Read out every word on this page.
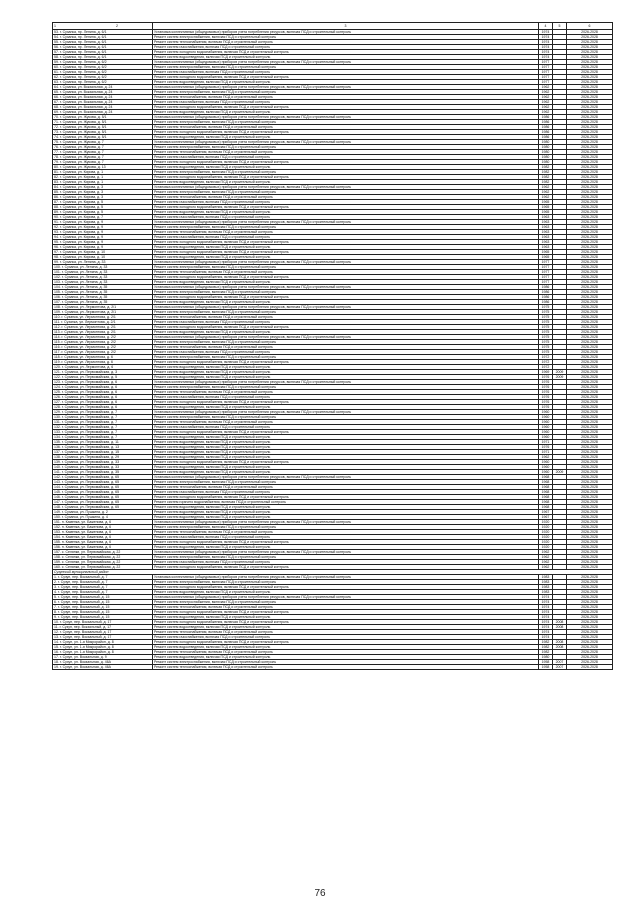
1 2	3	4	5	6
53. г. Сузанка, пр. Ленина, д. 6/1	Установка коллективных (общедомовых) приборов учета потребления ресурсов, включая ПСД и строительный контроль	1974		2026-2028
54. г. Сузанка, пр. Ленина, д. 6/1	Ремонт систем электроснабжения, включая ПСД и строительный контроль	1974		2026-2028
55. г. Сузанка, пр. Ленина, д. 6/1	Ремонт систем теплоснабжения, включая ПСД и строительный контроль	1974		2026-2028
56. г. Сузанка, пр. Ленина, д. 6/1	Ремонт систем газоснабжения, включая ПСД и строительный контроль	1974		2026-2028
57. г. Сузанка, пр. Ленина, д. 6/1	Ремонт систем холодного водоснабжения, включая ПСД и строительный контроль	1974		2026-2028
58. г. Сузанка, пр. Ленина, д. 6/1	Ремонт систем водоотведения, включая ПСД и строительный контроль	1974		2026-2028
59. г. Сузанка, пр. Ленина, д. 6/2	Установка коллективных (общедомовых) приборов учета потребления ресурсов, включая ПСД и строительный контроль	1977		2026-2028
60. г. Сузанка, пр. Ленина, д. 6/2	Ремонт систем электроснабжения, включая ПСД и строительный контроль	1977		2026-2028
61. г. Сузанка, пр. Ленина, д. 6/2	Ремонт систем газоснабжения, включая ПСД и строительный контроль	1977		2026-2028
62. г. Сузанка, пр. Ленина, д. 6/2	Ремонт систем холодного водоснабжения, включая ПСД и строительный контроль	1977		2026-2028
63. г. Сузанка, пр. Ленина, д. 6/2	Ремонт систем водоотведения, включая ПСД и строительный контроль	1977		2026-2028
64. г. Сузанка, ул. Вокзальная, д. 24	Установка коллективных (общедомовых) приборов учета потребления ресурсов, включая ПСД и строительный контроль	1962		2026-2028
65. г. Сузанка, ул. Вокзальная, д. 24	Ремонт систем электроснабжения, включая ПСД и строительный контроль	1962		2026-2028
66. г. Сузанка, ул. Вокзальная, д. 24	Ремонт систем теплоснабжения, включая ПСД и строительный контроль	1962		2026-2028
67. г. Сузанка, ул. Вокзальная, д. 24	Ремонт систем газоснабжения, включая ПСД и строительный контроль	1962		2026-2028
68. г. Сузанка, ул. Вокзальная, д. 24	Ремонт систем холодного водоснабжения, включая ПСД и строительный контроль	1962		2026-2028
69. г. Сузанка, ул. Вокзальная, д. 24	Ремонт систем водоотведения, включая ПСД и строительный контроль	1962		2026-2028
70. г. Сузанка, ул. Жукова, д. 5/1	Установка коллективных (общедомовых) приборов учета потребления ресурсов, включая ПСД и строительный контроль	1986		2026-2028
71. г. Сузанка, ул. Жукова, д. 5/1	Ремонт систем электроснабжения, включая ПСД и строительный контроль	1986		2026-2028
72. г. Сузанка, ул. Жукова, д. 5/1	Ремонт систем теплоснабжения, включая ПСД и строительный контроль	1986		2026-2028
73. г. Сузанка, ул. Жукова, д. 5/1	Ремонт систем холодного водоснабжения, включая ПСД и строительный контроль	1986		2026-2028
74. г. Сузанка, ул. Жукова, д. 5/1	Ремонт систем водоотведения, включая ПСД и строительный контроль	1986		2026-2028
75. г. Сузанка, ул. Жукова, д. 7	Установка коллективных (общедомовых) приборов учета потребления ресурсов, включая ПСД и строительный контроль	1980		2026-2028
76. г. Сузанка, ул. Жукова, д. 7	Ремонт систем электроснабжения, включая ПСД и строительный контроль	1980		2026-2028
77. г. Сузанка, ул. Жукова, д. 7	Ремонт систем теплоснабжения, включая ПСД и строительный контроль	1980		2026-2028
78. г. Сузанка, ул. Жукова, д. 7	Ремонт систем газоснабжения, включая ПСД и строительный контроль	1980		2026-2028
79. г. Сузанка, ул. Жукова, д. 7	Ремонт систем холодного водоснабжения, включая ПСД и строительный контроль	1980		2026-2028
80. г. Сузанка, ул. Жукова, д. 13	Ремонт систем водоотведения, включая ПСД и строительный контроль	1982		2026-2028
81. г. Сузанка, ул. Кирова, д. 1	Ремонт систем электроснабжения, включая ПСД и строительный контроль	1982		2026-2028
82. г. Сузанка, ул. Кирова, д. 1	Ремонт систем холодного водоснабжения, включая ПСД и строительный контроль	1982		2026-2028
83. г. Сузанка, ул. Кирова, д. 1	Ремонт систем водоотведения, включая ПСД и строительный контроль	1982		2026-2028
84. г. Сузанка, ул. Кирова, д. 3	Установка коллективных (общедомовых) приборов учета потребления ресурсов, включая ПСД и строительный контроль	1962		2026-2028
85. г. Сузанка, ул. Кирова, д. 3	Ремонт систем электроснабжения, включая ПСД и строительный контроль	1962		2026-2028
86. г. Сузанка, ул. Кирова, д. 3	Ремонт систем теплоснабжения, включая ПСД и строительный контроль	1962		2026-2028
87. г. Сузанка, ул. Кирова, д. 5	Ремонт систем газоснабжения, включая ПСД и строительный контроль	1965		2026-2028
88. г. Сузанка, ул. Кирова, д. 5	Ремонт систем холодного водоснабжения, включая ПСД и строительный контроль	1965		2026-2028
89. г. Сузанка, ул. Кирова, д. 5	Ремонт систем водоотведения, включая ПСД и строительный контроль	1965		2026-2028
90. г. Сузанка, ул. Кирова, д. 7	Ремонт систем газоснабжения, включая ПСД и строительный контроль	1963		2026-2028
91. г. Сузанка, ул. Кирова, д. 9	Установка коллективных (общедомовых) приборов учета потребления ресурсов, включая ПСД и строительный контроль	1963		2026-2028
92. г. Сузанка, ул. Кирова, д. 9	Ремонт систем электроснабжения, включая ПСД и строительный контроль	1963		2026-2028
93. г. Сузанка, ул. Кирова, д. 9	Ремонт систем теплоснабжения, включая ПСД и строительный контроль	1963		2026-2028
94. г. Сузанка, ул. Кирова, д. 9	Ремонт систем газоснабжения, включая ПСД и строительный контроль	1963		2026-2028
95. г. Сузанка, ул. Кирова, д. 9	Ремонт систем холодного водоснабжения, включая ПСД и строительный контроль	1963		2026-2028
96. г. Сузанка, ул. Кирова, д. 9	Ремонт систем водоотведения, включая ПСД и строительный контроль	1963		2026-2028
97. г. Сузанка, ул. Кирова, д. 10	Ремонт систем холодного водоснабжения, включая ПСД и строительный контроль	1965		2026-2028
98. г. Сузанка, ул. Кирова, д. 10	Ремонт систем водоотведения, включая ПСД и строительный контроль	1965		2026-2028
99. г. Сузанка, ул. Ленина, д. 33	Установка коллективных (общедомовых) приборов учета потребления ресурсов, включая ПСД и строительный контроль	1977		2026-2028
100. г. Сузанка, ул. Ленина, д. 33	Ремонт систем электроснабжения, включая ПСД и строительный контроль	1977		2026-2028
101. г. Сузанка, ул. Ленина, д. 33	Ремонт систем теплоснабжения, включая ПСД и строительный контроль	1977		2026-2028
102. г. Сузанка, ул. Ленина, д. 33	Ремонт систем холодного водоснабжения, включая ПСД и строительный контроль	1977		2026-2028
103. г. Сузанка, ул. Ленина, д. 33	Ремонт систем водоотведения, включая ПСД и строительный контроль	1977		2026-2028
104. г. Сузанка, ул. Ленина, д. 35	Установка коллективных (общедомовых) приборов учета потребления ресурсов, включая ПСД и строительный контроль	1986		2026-2028
105. г. Сузанка, ул. Ленина, д. 35	Ремонт систем электроснабжения, включая ПСД и строительный контроль	1986		2026-2028
106. г. Сузанка, ул. Ленина, д. 35	Ремонт систем холодного водоснабжения, включая ПСД и строительный контроль	1986		2026-2028
107. г. Сузанка, ул. Ленина, д. 35	Ремонт систем водоотведения, включая ПСД и строительный контроль	1986		2026-2028
108. г. Сузанка, ул. Лермонтова, д. 2/1	Установка коллективных (общедомовых) приборов учета потребления ресурсов, включая ПСД и строительный контроль	1975		2026-2028
109. г. Сузанка, ул. Лермонтова, д. 2/1	Ремонт систем электроснабжения, включая ПСД и строительный контроль	1975		2026-2028
110. г. Сузанка, ул. Лермонтова, д. 2/1	Ремонт систем теплоснабжения, включая ПСД и строительный контроль	1975		2026-2028
111. г. Сузанка, ул. Лермонтова, д. 2/1	Ремонт систем газоснабжения, включая ПСД и строительный контроль	1975		2026-2028
112. г. Сузанка, ул. Лермонтова, д. 2/1	Ремонт систем холодного водоснабжения, включая ПСД и строительный контроль	1975		2026-2028
113. г. Сузанка, ул. Лермонтова, д. 2/1	Ремонт систем водоотведения, включая ПСД и строительный контроль	1975		2026-2028
114. г. Сузанка, ул. Лермонтова, д. 2/2	Установка коллективных (общедомовых) приборов учета потребления ресурсов, включая ПСД и строительный контроль	1975		2026-2028
115. г. Сузанка, ул. Лермонтова, д. 2/2	Ремонт систем электроснабжения, включая ПСД и строительный контроль	1975		2026-2028
116. г. Сузанка, ул. Лермонтова, д. 2/2	Ремонт систем теплоснабжения, включая ПСД и строительный контроль	1975		2026-2028
117. г. Сузанка, ул. Лермонтова, д. 2/2	Ремонт систем газоснабжения, включая ПСД и строительный контроль	1975		2026-2028
118. г. Сузанка, ул. Лермонтова, д. 6	Ремонт систем электроснабжения, включая ПСД и строительный контроль	1972		2026-2028
119. г. Сузанка, ул. Лермонтова, д. 6	Ремонт систем холодного водоснабжения, включая ПСД и строительный контроль	1972		2026-2028
120. г. Сузанка, ул. Лермонтова, д. 6	Ремонт систем водоотведения, включая ПСД и строительный контроль	1972		2026-2028
121. г. Сузанка, ул. Первомайская, д. 3	Ремонт систем водоотведения, включая ПСД и строительный контроль	1969	2009	2026-2028
122. г. Сузанка, ул. Первомайская, д. 5	Ремонт систем водоотведения, включая ПСД и строительный контроль	1976	2009	2026-2028
123. г. Сузанка, ул. Первомайская, д. 6	Установка коллективных (общедомовых) приборов учета потребления ресурсов, включая ПСД и строительный контроль	1976		2026-2028
124. г. Сузанка, ул. Первомайская, д. 6	Ремонт систем электроснабжения, включая ПСД и строительный контроль	1976		2026-2028
125. г. Сузанка, ул. Первомайская, д. 6	Ремонт систем теплоснабжения, включая ПСД и строительный контроль	1976		2026-2028
126. г. Сузанка, ул. Первомайская, д. 6	Ремонт систем газоснабжения, включая ПСД и строительный контроль	1976		2026-2028
127. г. Сузанка, ул. Первомайская, д. 6	Ремонт систем холодного водоснабжения, включая ПСД и строительный контроль	1976		2026-2028
128. г. Сузанка, ул. Первомайская, д. 6	Ремонт систем водоотведения, включая ПСД и строительный контроль	1976		2026-2028
129. г. Сузанка, ул. Первомайская, д. 7	Установка коллективных (общедомовых) приборов учета потребления ресурсов, включая ПСД и строительный контроль	1960		2026-2028
130. г. Сузанка, ул. Первомайская, д. 7	Ремонт систем электроснабжения, включая ПСД и строительный контроль	1960		2026-2028
131. г. Сузанка, ул. Первомайская, д. 7	Ремонт систем теплоснабжения, включая ПСД и строительный контроль	1960		2026-2028
132. г. Сузанка, ул. Первомайская, д. 7	Ремонт систем газоснабжения, включая ПСД и строительный контроль	1960		2026-2028
133. г. Сузанка, ул. Первомайская, д. 7	Ремонт систем холодного водоснабжения, включая ПСД и строительный контроль	1960		2026-2028
134. г. Сузанка, ул. Первомайская, д. 7	Ремонт систем водоотведения, включая ПСД и строительный контроль	1960		2026-2028
135. г. Сузанка, ул. Первомайская, д. 11	Ремонт систем водоотведения, включая ПСД и строительный контроль	1971		2026-2028
136. г. Сузанка, ул. Первомайская, д. 13	Ремонт систем водоотведения, включая ПСД и строительный контроль	1976		2026-2028
137. г. Сузанка, ул. Первомайская, д. 15	Ремонт систем водоотведения, включая ПСД и строительный контроль	1971		2026-2028
138. г. Сузанка, ул. Первомайская, д. 29	Ремонт систем водоотведения, включая ПСД и строительный контроль	1962		2026-2028
139. г. Сузанка, ул. Первомайская, д. 33	Ремонт систем холодного водоснабжения, включая ПСД и строительный контроль	1960		2026-2028
140. г. Сузанка, ул. Первомайская, д. 33	Ремонт систем водоотведения, включая ПСД и строительный контроль	1960		2026-2028
141. г. Сузанка, ул. Первомайская, д. 35	Ремонт систем водоотведения, включая ПСД и строительный контроль	1960	2009	2026-2028
142. г. Сузанка, ул. Первомайская, д. 65	Установка коллективных (общедомовых) приборов учета потребления ресурсов, включая ПСД и строительный контроль	1968		2026-2028
143. г. Сузанка, ул. Первомайская, д. 65	Ремонт систем электроснабжения, включая ПСД и строительный контроль	1968		2026-2028
144. г. Сузанка, ул. Первомайская, д. 65	Ремонт систем теплоснабжения, включая ПСД и строительный контроль	1968		2026-2028
145. г. Сузанка, ул. Первомайская, д. 65	Ремонт систем газоснабжения, включая ПСД и строительный контроль	1968		2026-2028
146. г. Сузанка, ул. Первомайская, д. 65	Ремонт систем холодного водоснабжения, включая ПСД и строительный контроль	1968		2026-2028
147. г. Сузанка, ул. Первомайская, д. 65	Ремонт систем горячего водоснабжения, включая ПСД и строительный контроль	1968		2026-2028
148. г. Сузанка, ул. Первомайская, д. 65	Ремонт систем водоотведения, включая ПСД и строительный контроль	1968		2026-2028
149. г. Сузанка, ул. Пушкина, д. 2	Ремонт систем водоотведения, включая ПСД и строительный контроль	1967		2026-2028
150. г. Сузанка, ул. Пушкина, д. 4	Ремонт систем водоотведения, включая ПСД и строительный контроль	1967		2026-2028
151. п. Каменка, ул. Баженова, д. 6	Установка коллективных (общедомовых) приборов учета потребления ресурсов, включая ПСД и строительный контроль	1920		2026-2028
152. п. Каменка, ул. Баженова, д. 6	Ремонт систем электроснабжения, включая ПСД и строительный контроль	1920		2026-2028
153. п. Каменка, ул. Баженова, д. 6	Ремонт систем теплоснабжения, включая ПСД и строительный контроль	1920		2026-2028
154. п. Каменка, ул. Баженова, д. 6	Ремонт систем газоснабжения, включая ПСД и строительный контроль	1920		2026-2028
155. п. Каменка, ул. Баженова, д. 6	Ремонт систем холодного водоснабжения, включая ПСД и строительный контроль	1920		2026-2028
156. п. Каменка, ул. Баженова, д. 6	Ремонт систем водоотведения, включая ПСД и строительный контроль	1920		2026-2028
157. с. Селянки, ул. Первомайская, д. 22	Установка коллективных (общедомовых) приборов учета потребления ресурсов, включая ПСД и строительный контроль	1962		2026-2028
158. с. Селянки, ул. Первомайская, д. 22	Ремонт систем электроснабжения, включая ПСД и строительный контроль	1962		2026-2028
159. с. Селянки, ул. Первомайская, д. 22	Ремонт систем газоснабжения, включая ПСД и строительный контроль	1962		2026-2028
160. с. Селянки, ул. Первомайская, д. 22	Ремонт систем холодного водоснабжения, включая ПСД и строительный контроль	1962		2026-2028
Сузунский муниципальный район				
1. г. Сузун, пер. Вокзальный, д. 7	Установка коллективных (общедомовых) приборов учета потребления ресурсов, включая ПСД и строительный контроль	1983		2026-2028
2. г. Сузун, пер. Вокзальный, д. 7	Ремонт систем электроснабжения, включая ПСД и строительный контроль	1983		2026-2028
3. г. Сузун, пер. Вокзальный, д. 7	Ремонт систем холодного водоснабжения, включая ПСД и строительный контроль	1983		2026-2028
4. г. Сузун, пер. Вокзальный, д. 7	Ремонт систем водоотведения, включая ПСД и строительный контроль	1983		2026-2028
5. г. Сузун, пер. Вокзальный, д. 15	Установка коллективных (общедомовых) приборов учета потребления ресурсов, включая ПСД и строительный контроль	1974		2026-2028
6. г. Сузун, пер. Вокзальный, д. 15	Ремонт систем электроснабжения, включая ПСД и строительный контроль	1974		2026-2028
7. г. Сузун, пер. Вокзальный, д. 15	Ремонт систем теплоснабжения, включая ПСД и строительный контроль	1974		2026-2028
8. г. Сузун, пер. Вокзальный, д. 15	Ремонт систем холодного водоснабжения, включая ПСД и строительный контроль	1974		2026-2028
9. г. Сузун, пер. Вокзальный, д. 15	Ремонт систем водоотведения, включая ПСД и строительный контроль	1974		2026-2028
10. г. Сузун, пер. Вокзальный, д. 17	Ремонт систем холодного водоснабжения, включая ПСД и строительный контроль	1974	2008	2026-2028
11. г. Сузун, пер. Вокзальный, д. 17	Ремонт систем водоотведения, включая ПСД и строительный контроль	1974	2008	2026-2028
12. г. Сузун, пер. Вокзальный, д. 17	Ремонт систем теплоснабжения, включая ПСД и строительный контроль	1974		2026-2028
13. г. Сузун, пер. Вокзальный, д. 17	Ремонт систем газоснабжения, включая ПСД и строительный контроль	1974		2026-2028
14. г. Сузун, ул. 1-я Микрорайон, д. 8	Ремонт систем холодного водоснабжения, включая ПСД и строительный контроль	1982	2008	2026-2028
15. г. Сузун, ул. 1-я Микрорайон, д. 8	Ремонт систем водоотведения, включая ПСД и строительный контроль	1982	2008	2026-2028
16. г. Сузун, ул. 1-я Микрорайон, д. 8	Ремонт систем теплоснабжения, включая ПСД и строительный контроль	1982		2026-2028
17. г. Сузун, ул. Вокзальная, д. 9	Ремонт систем водоотведения, включая ПСД и строительный контроль	1980		2026-2028
18. г. Сузун, ул. Вокзальная, д. 46А	Ремонт систем электроснабжения, включая ПСД и строительный контроль	1958	2007	2026-2028
19. г. Сузун, ул. Вокзальная, д. 46А	Ремонт систем теплоснабжения, включая ПСД и строительный контроль	1958	2007	2026-2028
76
